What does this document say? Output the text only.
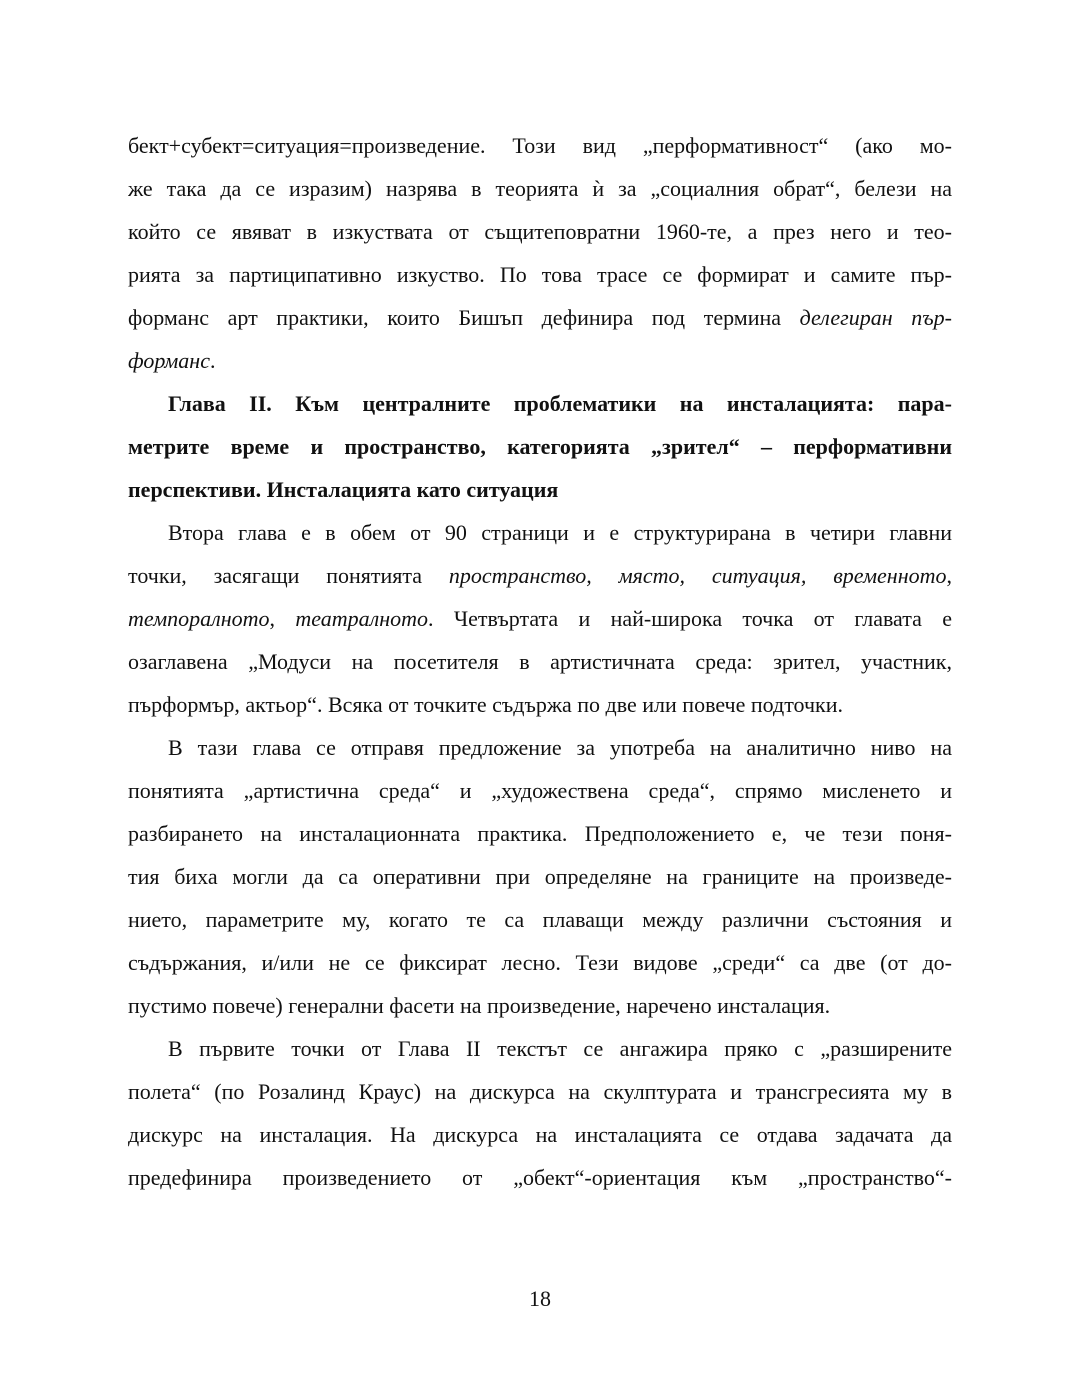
бект+субект=ситуация=произведение. Този вид „перформативност“ (ако мо-
же така да се изразим) назрява в теорията ѝ за „социалния обрат“, белези на
който се явяват в изкуствата от същитеповратни 1960-те, а през него и тео-
рията за партиципативно изкуство. По това трасе се формират и самите пър-
форманс арт практики, които Бишъп дефинира под термина делегиран пър-
форманс.
Глава II. Към централните проблематики на инсталацията: пара-
метрите време и пространство, категорията „зрител“ – перформативни
перспективи. Инсталацията като ситуация
Втора глава е в обем от 90 страници и е структурирана в четири главни
точки, засягащи понятията пространство, място, ситуация, временното,
темпоралното, театралното. Четвъртата и най-широка точка от главата е
озаглавена „Модуси на посетителя в артистичната среда: зрител, участник,
пърформър, актьор“. Всяка от точките съдържа по две или повече подточки.
В тази глава се отправя предложение за употреба на аналитично ниво на
понятията „артистична среда“ и „художествена среда“, спрямо мисленето и
разбирането на инсталационната практика. Предположението е, че тези поня-
тия биха могли да са оперативни при определяне на границите на произведе-
нието, параметрите му, когато те са плаващи между различни състояния и
съдържания, и/или не се фиксират лесно. Тези видове „среди“ са две (от до-
пустимо повече) генерални фасети на произведение, наречено инсталация.
В първите точки от Глава II текстът се ангажира пряко с „разширените
полета“ (по Розалинд Краус) на дискурса на скулптурата и трансгресията му в
дискурс на инсталация. На дискурса на инсталацията се отдава задачата да
предефинира произведението от „обект“-ориентация към „пространство“-
18
